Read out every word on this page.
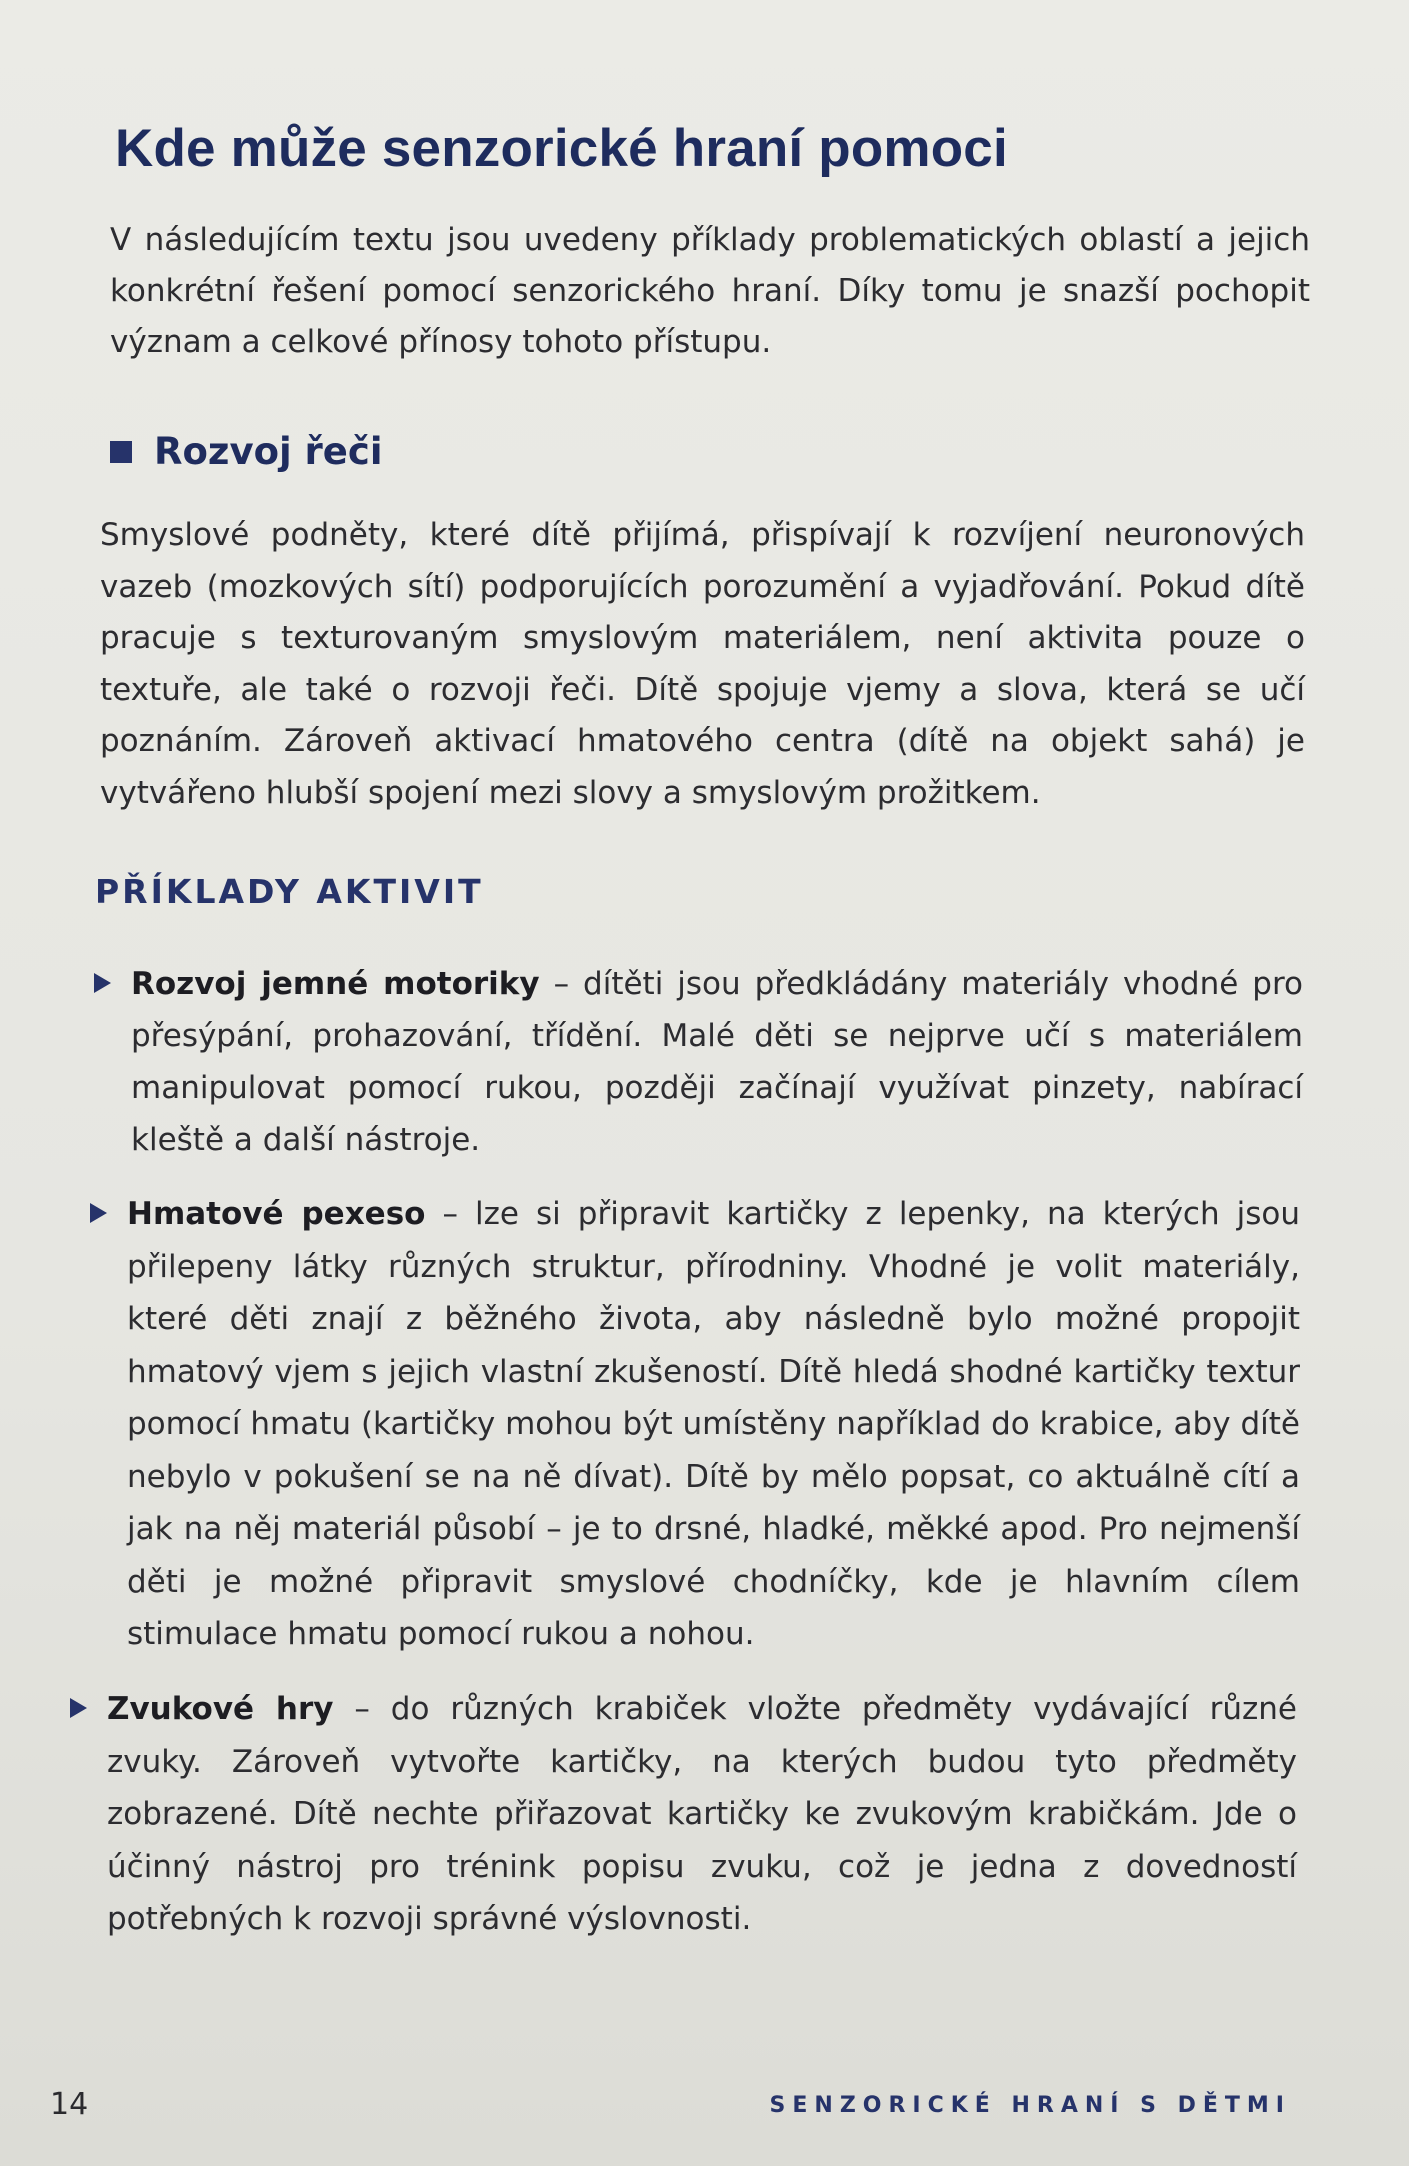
Kde může senzorické hraní pomoci

V následujícím textu jsou uvedeny příklady problematických oblastí a jejich konkrétní řešení pomocí senzorického hraní. Díky tomu je snazší pochopit význam a celkové přínosy tohoto přístupu.

Rozvoj řeči

Smyslové podněty, které dítě přijímá, přispívají k rozvíjení neuronových vazeb (mozkových sítí) podporujících porozumění a vyjadřování. Pokud dítě pracuje s texturovaným smyslovým materiálem, není aktivita pouze o textuře, ale také o rozvoji řeči. Dítě spojuje vjemy a slova, která se učí poznáním. Zároveň aktivací hmatového centra (dítě na objekt sahá) je vytvářeno hlubší spojení mezi slovy a smyslovým prožitkem.

PŘÍKLADY AKTIVIT

Rozvoj jemné motoriky – dítěti jsou předkládány materiály vhodné pro přesýpání, prohazování, třídění. Malé děti se nejprve učí s materiálem manipulovat pomocí rukou, později začínají využívat pinzety, nabírací kleště a další nástroje.

Hmatové pexeso – lze si připravit kartičky z lepenky, na kterých jsou přilepeny látky různých struktur, přírodniny. Vhodné je volit materiály, které děti znají z běžného života, aby následně bylo možné propojit hmatový vjem s jejich vlastní zkušeností. Dítě hledá shodné kartičky textur pomocí hmatu (kartičky mohou být umístěny například do krabice, aby dítě nebylo v pokušení se na ně dívat). Dítě by mělo popsat, co aktuálně cítí a jak na něj materiál působí – je to drsné, hladké, měkké apod. Pro nejmenší děti je možné připravit smyslové chodníčky, kde je hlavním cílem stimulace hmatu pomocí rukou a nohou.

Zvukové hry – do různých krabiček vložte předměty vydávající různé zvuky. Zároveň vytvořte kartičky, na kterých budou tyto předměty zobrazené. Dítě nechte přiřazovat kartičky ke zvukovým krabičkám. Jde o účinný nástroj pro trénink popisu zvuku, což je jedna z dovedností potřebných k rozvoji správné výslovnosti.

14	SENZORICKÉ HRANÍ S DĚTMI
